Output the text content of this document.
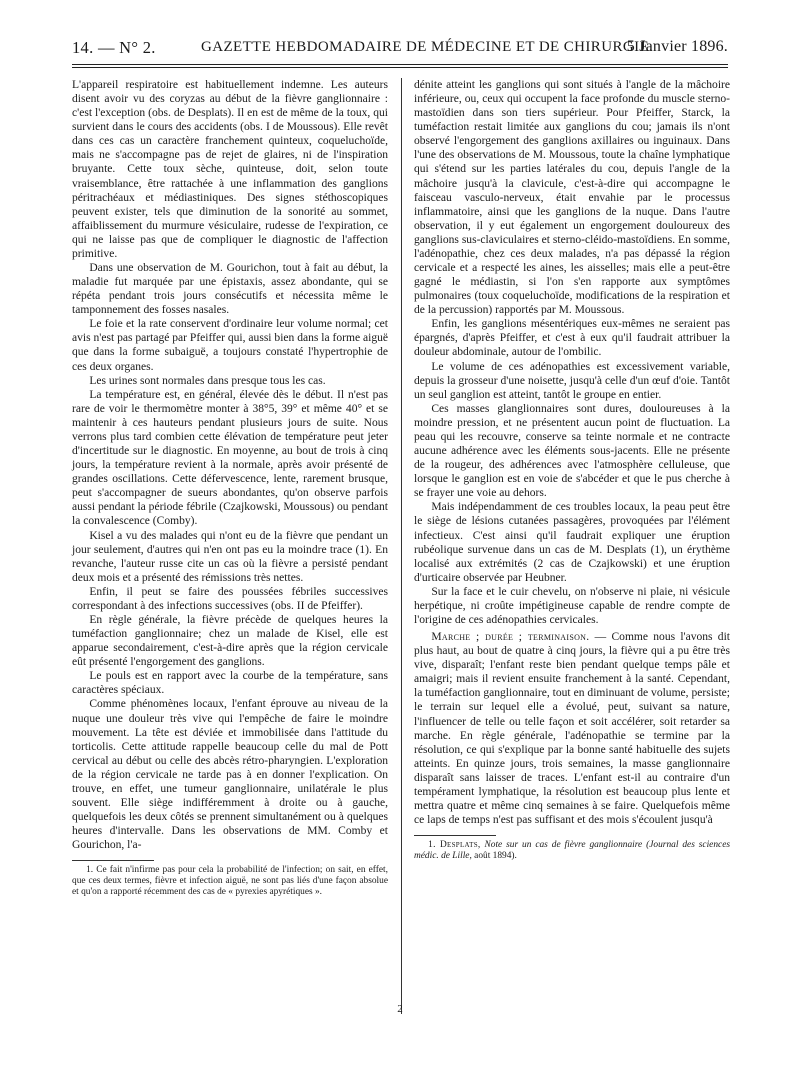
14. — N° 2.	GAZETTE HEBDOMADAIRE DE MÉDECINE ET DE CHIRURGIE.
5 Janvier 1896.

L'appareil respiratoire est habituellement indemne. Les auteurs disent avoir vu des coryzas au début de la fièvre ganglionnaire : c'est l'exception (obs. de Desplats). Il en est de même de la toux, qui survient dans le cours des accidents (obs. I de Moussous). Elle revêt dans ces cas un caractère franchement quinteux, coqueluchoïde, mais ne s'accompagne pas de rejet de glaires, ni de l'inspiration bruyante. Cette toux sèche, quinteuse, doit, selon toute vraisemblance, être rattachée à une inflammation des ganglions péritrachéaux et médiastiniques. Des signes stéthoscopiques peuvent exister, tels que diminution de la sonorité au sommet, affaiblissement du murmure vésiculaire, rudesse de l'expiration, ce qui ne laisse pas que de compliquer le diagnostic de l'affection primitive.

Dans une observation de M. Gourichon, tout à fait au début, la maladie fut marquée par une épistaxis, assez abondante, qui se répéta pendant trois jours consécutifs et nécessita même le tamponnement des fosses nasales.

Le foie et la rate conservent d'ordinaire leur volume normal; cet avis n'est pas partagé par Pfeiffer qui, aussi bien dans la forme aiguë que dans la forme subaiguë, a toujours constaté l'hypertrophie de ces deux organes.

Les urines sont normales dans presque tous les cas.

La température est, en général, élevée dès le début. Il n'est pas rare de voir le thermomètre monter à 38°5, 39° et même 40° et se maintenir à ces hauteurs pendant plusieurs jours de suite. Nous verrons plus tard combien cette élévation de température peut jeter d'incertitude sur le diagnostic. En moyenne, au bout de trois à cinq jours, la température revient à la normale, après avoir présenté de grandes oscillations. Cette défervescence, lente, rarement brusque, peut s'accompagner de sueurs abondantes, qu'on observe parfois aussi pendant la période fébrile (Czajkowski, Moussous) ou pendant la convalescence (Comby).

Kisel a vu des malades qui n'ont eu de la fièvre que pendant un jour seulement, d'autres qui n'en ont pas eu la moindre trace (1). En revanche, l'auteur russe cite un cas où la fièvre a persisté pendant deux mois et a présenté des rémissions très nettes.

Enfin, il peut se faire des poussées fébriles successives correspondant à des infections successives (obs. II de Pfeiffer).

En règle générale, la fièvre précède de quelques heures la tuméfaction ganglionnaire; chez un malade de Kisel, elle est apparue secondairement, c'est-à-dire après que la région cervicale eût présenté l'engorgement des ganglions.

Le pouls est en rapport avec la courbe de la température, sans caractères spéciaux.

Comme phénomènes locaux, l'enfant éprouve au niveau de la nuque une douleur très vive qui l'empêche de faire le moindre mouvement. La tête est déviée et immobilisée dans l'attitude du torticolis. Cette attitude rappelle beaucoup celle du mal de Pott cervical au début ou celle des abcès rétro-pharyngien. L'exploration de la région cervicale ne tarde pas à en donner l'explication. On trouve, en effet, une tumeur ganglionnaire, unilatérale le plus souvent. Elle siège indifféremment à droite ou à gauche, quelquefois les deux côtés se prennent simultanément ou à quelques heures d'intervalle. Dans les observations de MM. Comby et Gourichon, l'a-

1. Ce fait n'infirme pas pour cela la probabilité de l'infection; on sait, en effet, que ces deux termes, fièvre et infection aiguë, ne sont pas liés d'une façon absolue et qu'on a rapporté récemment des cas de « pyrexies apyrétiques ».

dénite atteint les ganglions qui sont situés à l'angle de la mâchoire inférieure, ou, ceux qui occupent la face profonde du muscle sterno-mastoïdien dans son tiers supérieur. Pour Pfeiffer, Starck, la tuméfaction restait limitée aux ganglions du cou; jamais ils n'ont observé l'engorgement des ganglions axillaires ou inguinaux. Dans l'une des observations de M. Moussous, toute la chaîne lymphatique qui s'étend sur les parties latérales du cou, depuis l'angle de la mâchoire jusqu'à la clavicule, c'est-à-dire qui accompagne le faisceau vasculo-nerveux, était envahie par le processus inflammatoire, ainsi que les ganglions de la nuque. Dans l'autre observation, il y eut également un engorgement douloureux des ganglions sus-claviculaires et sterno-cléido-mastoïdiens. En somme, l'adénopathie, chez ces deux malades, n'a pas dépassé la région cervicale et a respecté les aines, les aisselles; mais elle a peut-être gagné le médiastin, si l'on s'en rapporte aux symptômes pulmonaires (toux coqueluchoïde, modifications de la respiration et de la percussion) rapportés par M. Moussous.

Enfin, les ganglions mésentériques eux-mêmes ne seraient pas épargnés, d'après Pfeiffer, et c'est à eux qu'il faudrait attribuer la douleur abdominale, autour de l'ombilic.

Le volume de ces adénopathies est excessivement variable, depuis la grosseur d'une noisette, jusqu'à celle d'un œuf d'oie. Tantôt un seul ganglion est atteint, tantôt le groupe en entier.

Ces masses glanglionnaires sont dures, douloureuses à la moindre pression, et ne présentent aucun point de fluctuation. La peau qui les recouvre, conserve sa teinte normale et ne contracte aucune adhérence avec les éléments sous-jacents. Elle ne présente de la rougeur, des adhérences avec l'atmosphère celluleuse, que lorsque le ganglion est en voie de s'abcéder et que le pus cherche à se frayer une voie au dehors.

Mais indépendamment de ces troubles locaux, la peau peut être le siège de lésions cutanées passagères, provoquées par l'élément infectieux. C'est ainsi qu'il faudrait expliquer une éruption rubéolique survenue dans un cas de M. Desplats (1), un érythème localisé aux extrémités (2 cas de Czajkowski) et une éruption d'urticaire observée par Heubner.

Sur la face et le cuir chevelu, on n'observe ni plaie, ni vésicule herpétique, ni croûte impétigineuse capable de rendre compte de l'origine de ces adénopathies cervicales.

Marche ; durée ; terminaison. — Comme nous l'avons dit plus haut, au bout de quatre à cinq jours, la fièvre qui a pu être très vive, disparaît; l'enfant reste bien pendant quelque temps pâle et amaigri; mais il revient ensuite franchement à la santé. Cependant, la tuméfaction ganglionnaire, tout en diminuant de volume, persiste; le terrain sur lequel elle a évolué, peut, suivant sa nature, l'influencer de telle ou telle façon et soit accélérer, soit retarder sa marche. En règle générale, l'adénopathie se termine par la résolution, ce qui s'explique par la bonne santé habituelle des sujets atteints. En quinze jours, trois semaines, la masse ganglionnaire disparaît sans laisser de traces. L'enfant est-il au contraire d'un tempérament lymphatique, la résolution est beaucoup plus lente et mettra quatre et même cinq semaines à se faire. Quelquefois même ce laps de temps n'est pas suffisant et des mois s'écoulent jusqu'à

1. Desplats, Note sur un cas de fièvre ganglionnaire (Journal des sciences médic. de Lille, août 1894).
2
